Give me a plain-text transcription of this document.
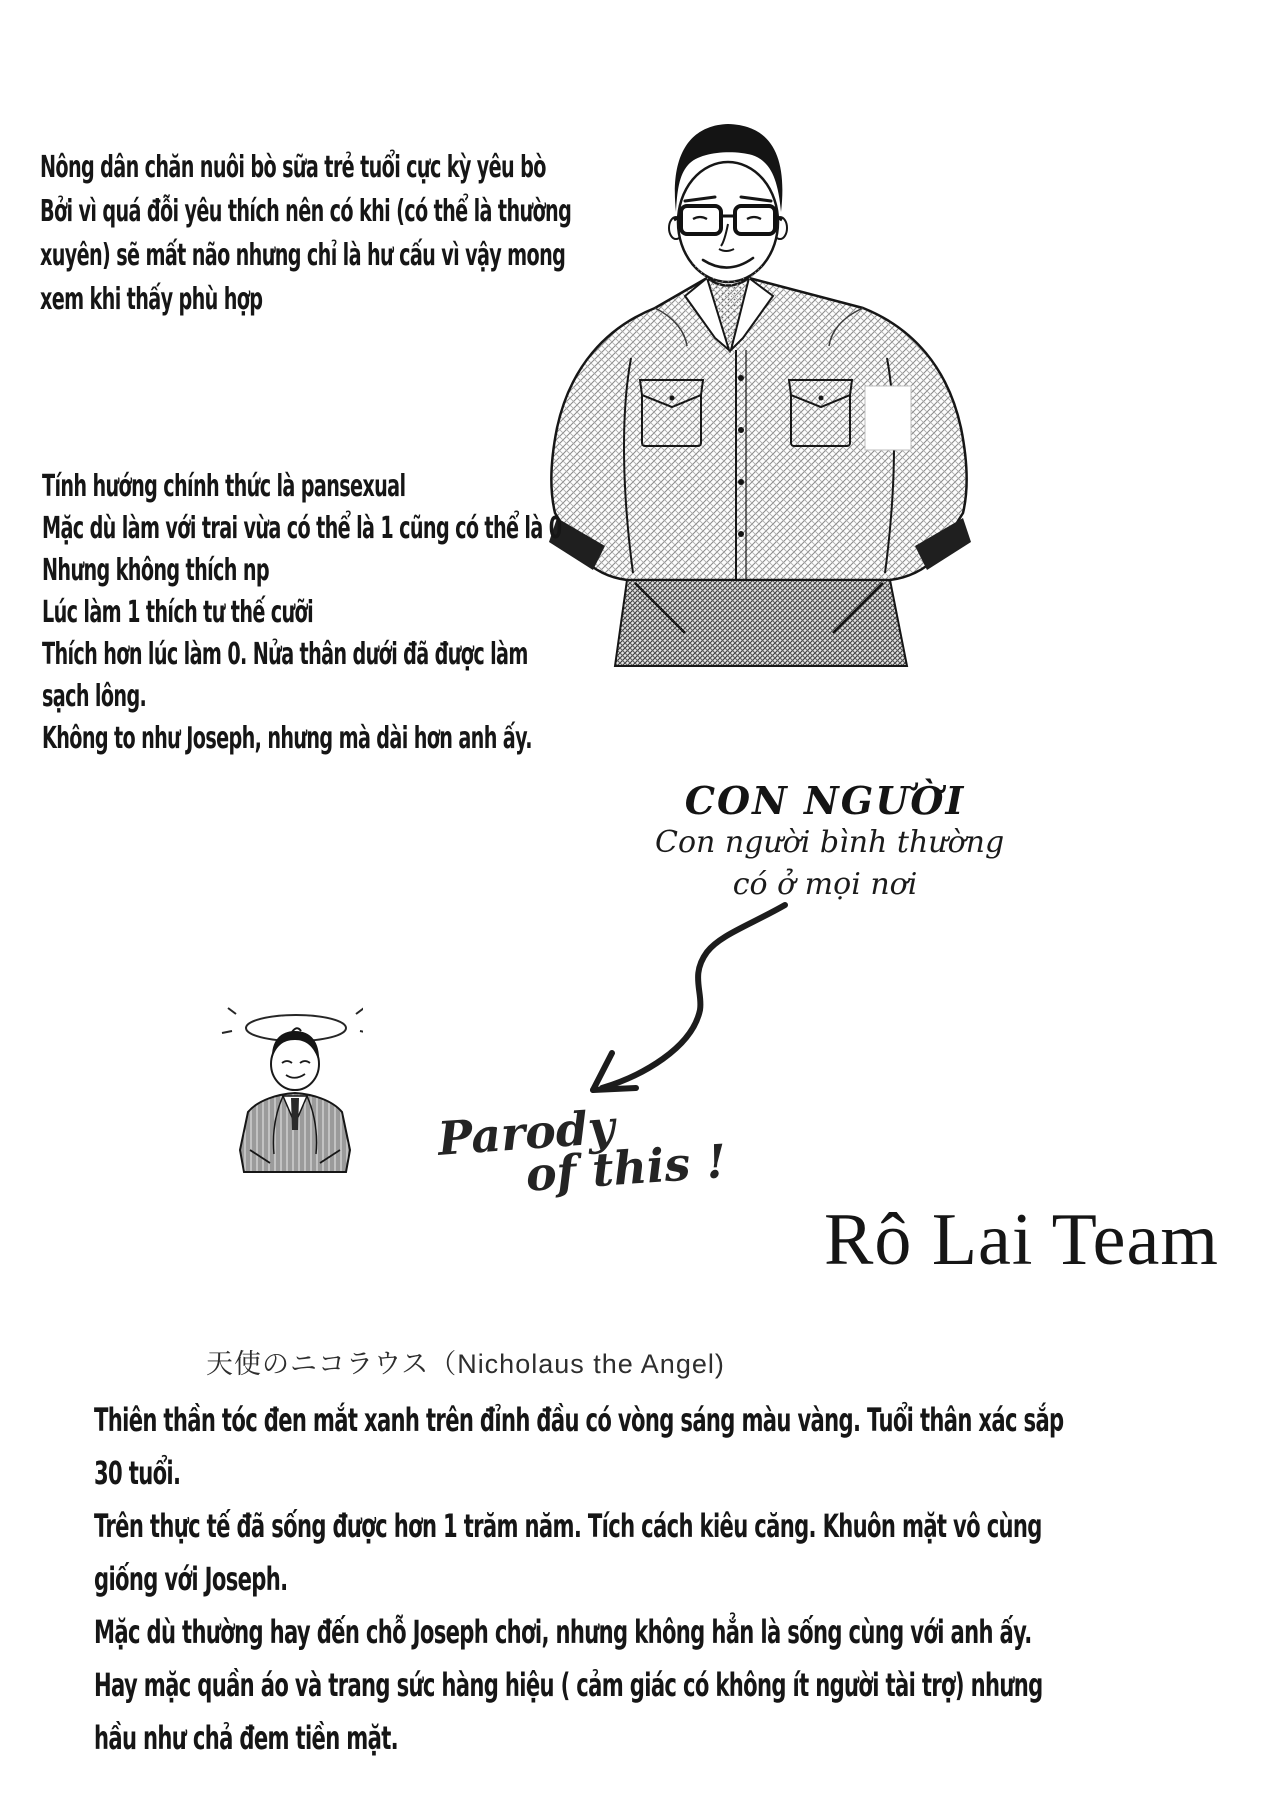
Nông dân chăn nuôi bò sữa trẻ tuổi cực kỳ yêu bò
Bởi vì quá đỗi yêu thích nên có khi (có thể là thường
xuyên) sẽ mất não nhưng chỉ là hư cấu vì vậy mong
xem khi thấy phù hợp
Tính hướng chính thức là pansexual
Mặc dù làm với trai vừa có thể là 1 cũng có thể là 0
Nhưng không thích np
Lúc làm 1 thích tư thế cưỡi
Thích hơn lúc làm 0. Nửa thân dưới đã được làm
sạch lông.
Không to như Joseph, nhưng mà dài hơn anh ấy.
CON NGƯỜI
Con người bình thường
có ở mọi nơi
Parody
of this !
Rô Lai Team
天使のニコラウス（Nicholaus the Angel)
Thiên thần tóc đen mắt xanh trên đỉnh đầu có vòng sáng màu vàng. Tuổi thân xác sắp
30 tuổi.
Trên thực tế đã sống được hơn 1 trăm năm. Tích cách kiêu căng. Khuôn mặt vô cùng
giống với Joseph.
Mặc dù thường hay đến chỗ Joseph chơi, nhưng không hẳn là sống cùng với anh ấy.
Hay mặc quần áo và trang sức hàng hiệu ( cảm giác có không ít người tài trợ) nhưng
hầu như chả đem tiền mặt.
